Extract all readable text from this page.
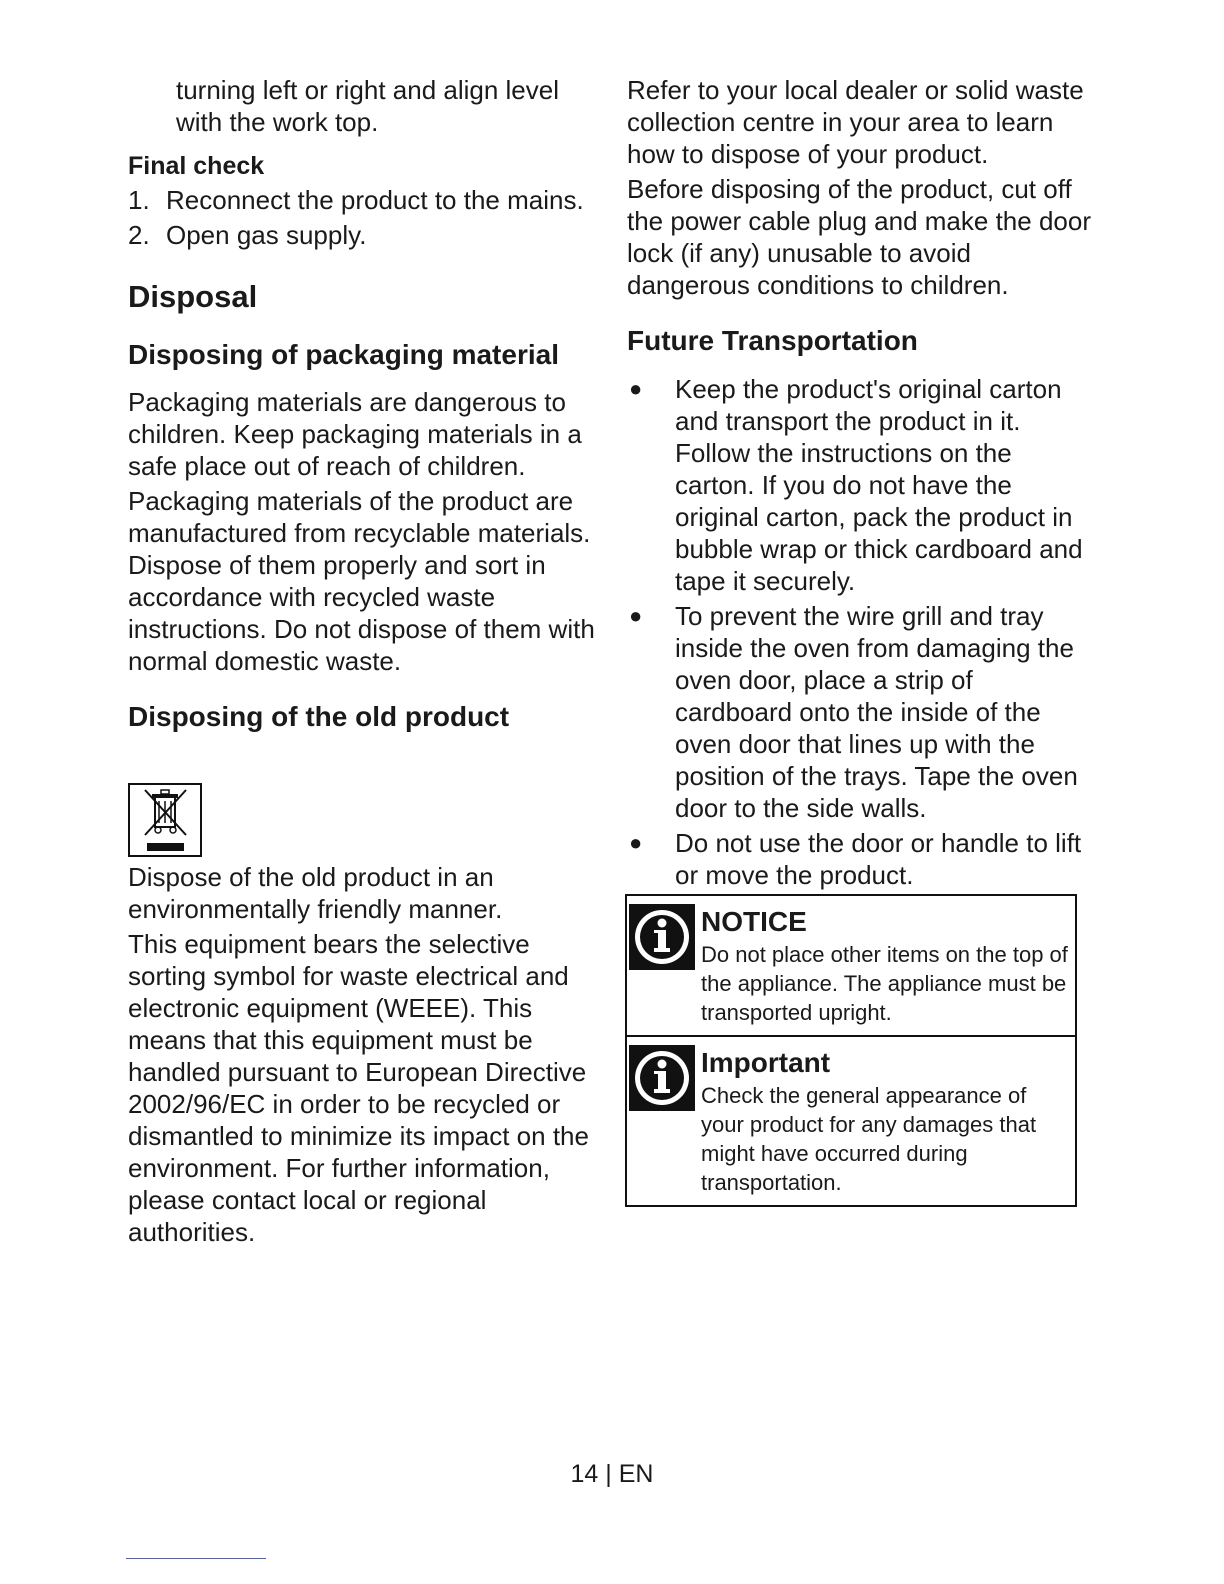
turning left or right and align level with the work top.

Final check
1. Reconnect the product to the mains.
2. Open gas supply.
Disposal
Disposing of packaging material

Packaging materials are dangerous to children. Keep packaging materials in a safe place out of reach of children.

Packaging materials of the product are manufactured from recyclable materials. Dispose of them properly and sort in accordance with recycled waste instructions. Do not dispose of them with normal domestic waste.

Disposing of the old product

Dispose of the old product in an environmentally friendly manner.

This equipment bears the selective sorting symbol for waste electrical and electronic equipment (WEEE). This means that this equipment must be handled pursuant to European Directive 2002/96/EC in order to be recycled or dismantled to minimize its impact on the environment. For further information, please contact local or regional authorities.

Refer to your local dealer or solid waste collection centre in your area to learn how to dispose of your product.

Before disposing of the product, cut off the power cable plug and make the door lock (if any) unusable to avoid dangerous conditions to children.

Future Transportation
● Keep the product's original carton and transport the product in it. Follow the instructions on the carton. If you do not have the original carton, pack the product in bubble wrap or thick cardboard and tape it securely.
● To prevent the wire grill and tray inside the oven from damaging the oven door, place a strip of cardboard onto the inside of the oven door that lines up with the position of the trays. Tape the oven door to the side walls.
● Do not use the door or handle to lift or move the product.
NOTICE
Do not place other items on the top of the appliance. The appliance must be transported upright.
Important
Check the general appearance of your product for any damages that might have occurred during transportation.
14 | EN
